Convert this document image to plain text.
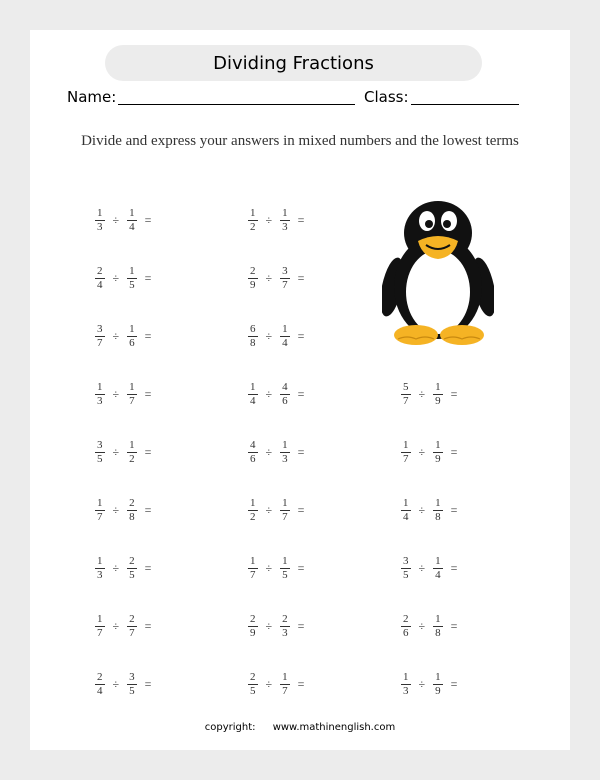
Dividing Fractions
Name:	Class:
Divide and express your answers in mixed numbers and the lowest terms
$\frac{1}{3} \div \frac{1}{4}$ =	$\frac{1}{2} \div \frac{1}{3}$ =
$\frac{2}{4} \div \frac{1}{5}$ =	$\frac{2}{9} \div \frac{3}{7}$ =
$\frac{3}{7} \div \frac{1}{6}$ =	$\frac{6}{8} \div \frac{1}{4}$ =
$\frac{1}{3} \div \frac{1}{7}$ =	$\frac{1}{4} \div \frac{4}{6}$ =	$\frac{5}{7} \div \frac{1}{9}$ =
$\frac{3}{5} \div \frac{1}{2}$ =	$\frac{4}{6} \div \frac{1}{3}$ =	$\frac{1}{7} \div \frac{1}{9}$ =
$\frac{1}{7} \div \frac{2}{8}$ =	$\frac{1}{2} \div \frac{1}{7}$ =	$\frac{1}{4} \div \frac{1}{8}$ =
$\frac{1}{3} \div \frac{2}{5}$ =	$\frac{1}{7} \div \frac{1}{5}$ =	$\frac{3}{5} \div \frac{1}{4}$ =
$\frac{1}{7} \div \frac{2}{7}$ =	$\frac{2}{9} \div \frac{2}{3}$ =	$\frac{2}{6} \div \frac{1}{8}$ =
$\frac{2}{4} \div \frac{3}{5}$ =	$\frac{2}{5} \div \frac{1}{7}$ =	$\frac{1}{3} \div \frac{1}{9}$ =
copyright: www.mathinenglish.com
